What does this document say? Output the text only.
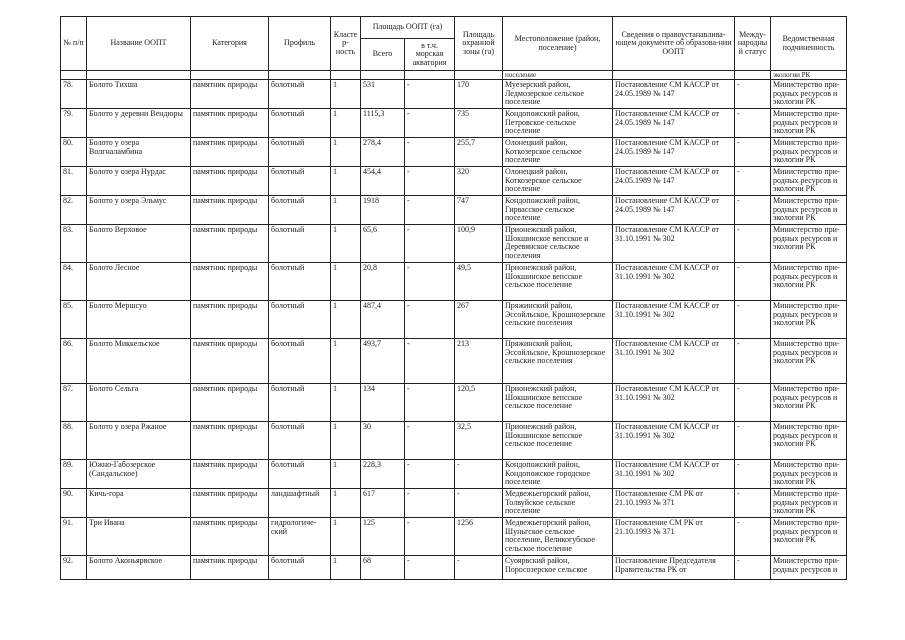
№ п/п	Название ООПТ	Категория	Профиль	Кластер-ность	Площадь ООПТ (га)		Площадь охранной зоны (га)	Местоположение (район, поселение)	Сведения о правоустанавлива-ющем документе об образова-нии ООПТ	Между-народный статус	Ведомственная подчиненность
					Всего	в т.ч. морская акватория					
								поселение			экологии РК
78.	Болото Тихша	памятник природы	болотный	1	531	-	170	Муезерский район, Ледмозерское сельское поселение	Постановление СМ КАССР от 24.05.1989 № 147	-	Министерство при-родных ресурсов и экологии РК
79.	Болото у деревни Вендюры	памятник природы	болотный	1	1115,3	-	735	Кондопожский район, Петровское сельское поселение	Постановление СМ КАССР от 24.05.1989 № 147	-	Министерство при-родных ресурсов и экологии РК
80.	Болото у озера Волгналамбина	памятник природы	болотный	1	278,4	-	255,7	Олонецкий район, Коткозерское сельское поселение	Постановление СМ КАССР от 24.05.1989 № 147	-	Министерство при-родных ресурсов и экологии РК
81.	Болото у озера Нурдас	памятник природы	болотный	1	454,4	-	320	Олонецкий район, Коткозерское сельское поселение	Постановление СМ КАССР от 24.05.1989 № 147	-	Министерство при-родных ресурсов и экологии РК
82.	Болото у озера Эльмус	памятник природы	болотный	1	1918	-	747	Кондопожский район, Гирвасское сельское поселение	Постановление СМ КАССР от 24.05.1989 № 147	-	Министерство при-родных ресурсов и экологии РК
83.	Болото Верховое	памятник природы	болотный	1	65,6	-	100,9	Прионежский район, Шокшинское вепсское и Деревянское сельское поселения	Постановление СМ КАССР от 31.10.1991 № 302	-	Министерство при-родных ресурсов и экологии РК
84.	Болото Лесное	памятник природы	болотный	1	20,8	-	49,5	Прионежский район, Шокшинское вепсское сельское поселение	Постановление СМ КАССР от 31.10.1991 № 302	-	Министерство при-родных ресурсов и экологии РК
85.	Болото Мершсуо	памятник природы	болотный	1	487,4	-	267	Пряжинский район, Эссойльское, Крошнозерское сельские поселения	Постановление СМ КАССР от 31.10.1991 № 302	-	Министерство при-родных ресурсов и экологии РК
86.	Болото Миккельское	памятник природы	болотный	1	493,7	-	213	Пряжинский район, Эссойльское, Крошнозерское сельские поселения	Постановление СМ КАССР от 31.10.1991 № 302	-	Министерство при-родных ресурсов и экологии РК
87.	Болото Сельга	памятник природы	болотный	1	134	-	120,5	Прионежский район, Шокшинское вепсское сельское поселение	Постановление СМ КАССР от 31.10.1991 № 302	-	Министерство при-родных ресурсов и экологии РК
88.	Болото у озера Ржаное	памятник природы	болотный	1	30	-	32,5	Прионежский район, Шокшинское вепсское сельское поселение	Постановление СМ КАССР от 31.10.1991 № 302	-	Министерство при-родных ресурсов и экологии РК
89.	Южно-Габозерское (Сандальское)	памятник природы	болотный	1	228,3	-	-	Кондопожский район, Кондопожское городское поселение	Постановление СМ КАССР от 31.10.1991 № 302	-	Министерство при-родных ресурсов и экологии РК
90.	Кичь-гора	памятник природы	ландшафтный	1	617	-	-	Медвежьегорский район, Толвуйское сельское поселение	Постановление СМ РК от 21.10.1993 № 371	-	Министерство при-родных ресурсов и экологии РК
91.	Три Ивана	памятник природы	гидрологиче-ский	1	125	-	1256	Медвежьегорский район, Шуньгское сельское поселение, Великогубское сельское поселение	Постановление СМ РК от 21.10.1993 № 371	-	Министерство при-родных ресурсов и экологии РК
92.	Болото Аконьярвское	памятник природы	болотный	1	68	-	-	Суоярвский район, Поросозерское сельское	Постановление Председателя Правительства РК от	-	Министерство при-родных ресурсов и
